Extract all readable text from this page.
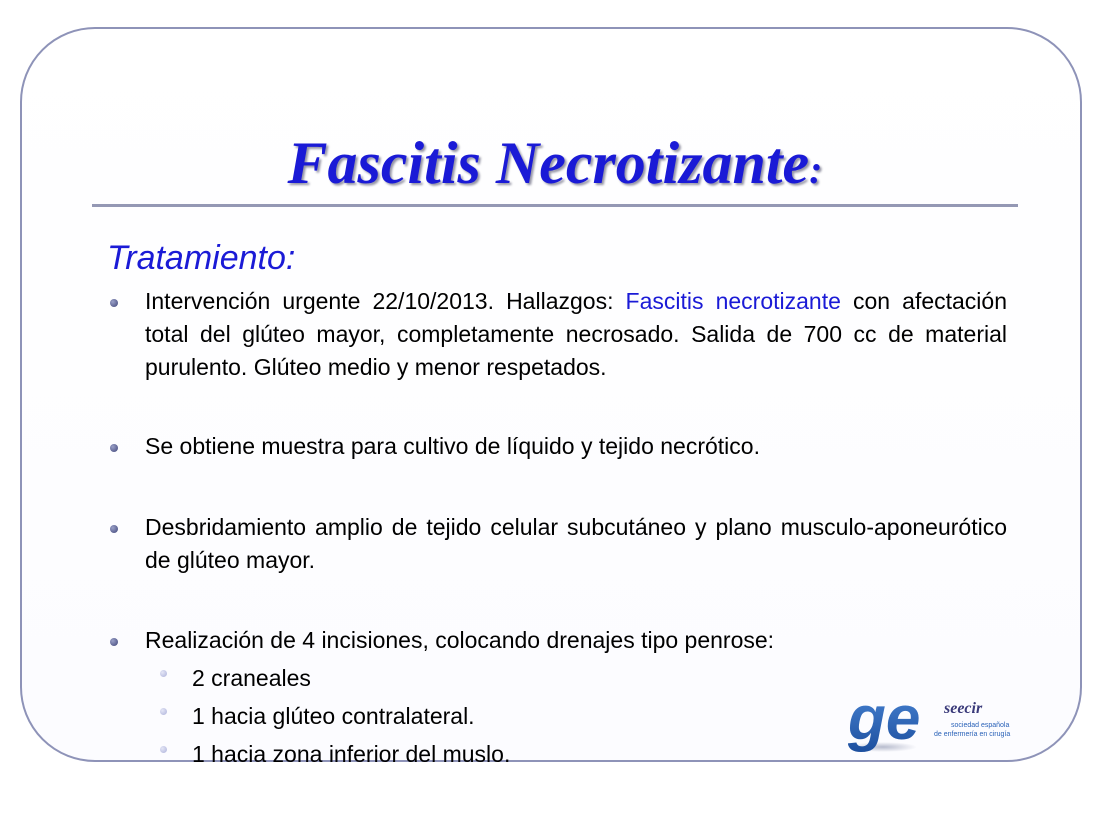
Fascitis Necrotizante:
Tratamiento:

Intervención urgente 22/10/2013. Hallazgos: Fascitis necrotizante con afectación total del glúteo mayor, completamente necrosado. Salida de 700 cc de material purulento. Glúteo medio y menor respetados.

Se obtiene muestra para cultivo de líquido y tejido necrótico.

Desbridamiento amplio de tejido celular subcutáneo y plano musculo-aponeurótico de glúteo mayor.

Realización de 4 incisiones, colocando drenajes tipo penrose:

2 craneales
1 hacia glúteo contralateral.
1 hacia zona inferior del muslo.
ge seecir
sociedad española
de enfermería en cirugía
